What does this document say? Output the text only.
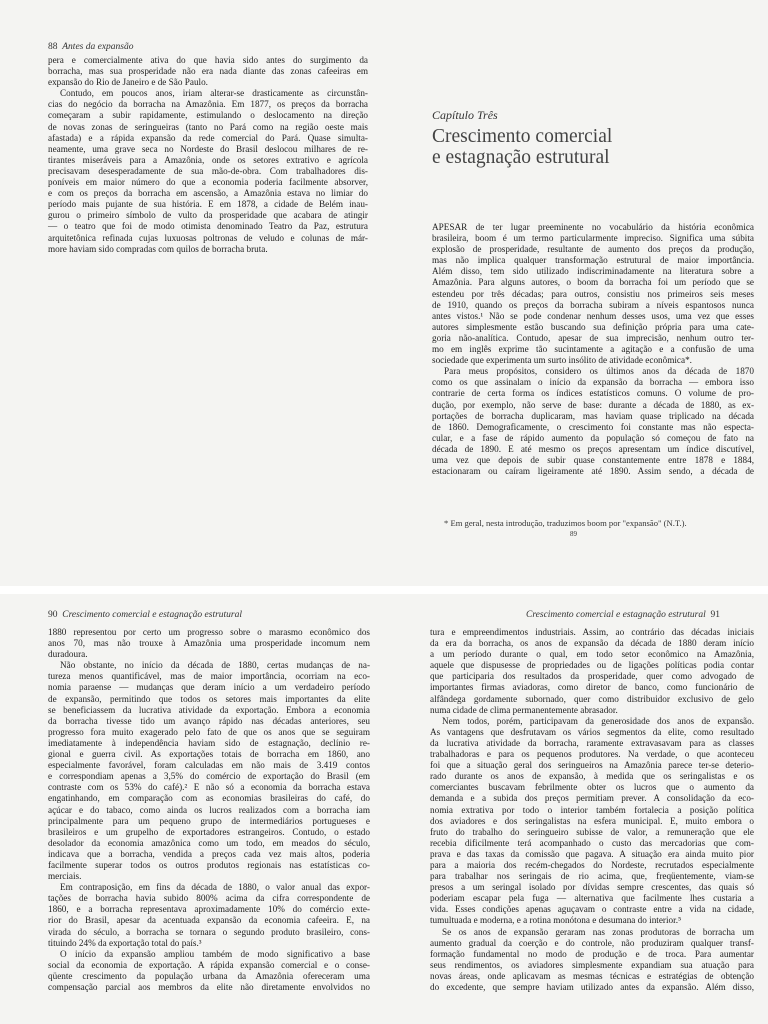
88 Antes da expansão
pera e comercialmente ativa do que havia sido antes do surgimento da
borracha, mas sua prosperidade não era nada diante das zonas cafeeiras em
expansão do Rio de Janeiro e de São Paulo.
Contudo, em poucos anos, iriam alterar-se drasticamente as circunstân-
cias do negócio da borracha na Amazônia. Em 1877, os preços da borracha
começaram a subir rapidamente, estimulando o deslocamento na direção
de novas zonas de seringueiras (tanto no Pará como na região oeste mais
afastada) e a rápida expansão da rede comercial do Pará. Quase simulta-
neamente, uma grave seca no Nordeste do Brasil deslocou milhares de re-
tirantes miseráveis para a Amazônia, onde os setores extrativo e agrícola
precisavam desesperadamente de sua mão-de-obra. Com trabalhadores dis-
poníveis em maior número do que a economia poderia facilmente absorver,
e com os preços da borracha em ascensão, a Amazônia estava no limiar do
período mais pujante de sua história. E em 1878, a cidade de Belém inau-
gurou o primeiro símbolo de vulto da prosperidade que acabara de atingir
— o teatro que foi de modo otimista denominado Teatro da Paz, estrutura
arquitetônica refinada cujas luxuosas poltronas de veludo e colunas de már-
more haviam sido compradas com quilos de borracha bruta.
Capítulo Três
Crescimento comercial
e estagnação estrutural
APESAR de ter lugar preeminente no vocabulário da história econômica
brasileira, boom é um termo particularmente impreciso. Significa uma súbita
explosão de prosperidade, resultante de aumento dos preços da produção,
mas não implica qualquer transformação estrutural de maior importância.
Além disso, tem sido utilizado indiscriminadamente na literatura sobre a
Amazônia. Para alguns autores, o boom da borracha foi um período que se
estendeu por três décadas; para outros, consistiu nos primeiros seis meses
de 1910, quando os preços da borracha subiram a níveis espantosos nunca
antes vistos.¹ Não se pode condenar nenhum desses usos, uma vez que esses
autores simplesmente estão buscando sua definição própria para uma cate-
goria não-analítica. Contudo, apesar de sua imprecisão, nenhum outro ter-
mo em inglês exprime tão sucintamente a agitação e a confusão de uma
sociedade que experimenta um surto insólito de atividade econômica*.
Para meus propósitos, considero os últimos anos da década de 1870
como os que assinalam o início da expansão da borracha — embora isso
contrarie de certa forma os índices estatísticos comuns. O volume de pro-
dução, por exemplo, não serve de base: durante a década de 1880, as ex-
portações de borracha duplicaram, mas haviam quase triplicado na década
de 1860. Demograficamente, o crescimento foi constante mas não especta-
cular, e a fase de rápido aumento da população só começou de fato na
década de 1890. E até mesmo os preços apresentam um índice discutível,
uma vez que depois de subir quase constantemente entre 1878 e 1884,
estacionaram ou caíram ligeiramente até 1890. Assim sendo, a década de
* Em geral, nesta introdução, traduzimos boom por "expansão" (N.T.).
89
90 Crescimento comercial e estagnação estrutural
1880 representou por certo um progresso sobre o marasmo econômico dos
anos 70, mas não trouxe à Amazônia uma prosperidade incomum nem
duradoura.
Não obstante, no início da década de 1880, certas mudanças de na-
tureza menos quantificável, mas de maior importância, ocorriam na eco-
nomia paraense — mudanças que deram início a um verdadeiro período
de expansão, permitindo que todos os setores mais importantes da elite
se beneficiassem da lucrativa atividade da exportação. Embora a economia
da borracha tivesse tido um avanço rápido nas décadas anteriores, seu
progresso fora muito exagerado pelo fato de que os anos que se seguiram
imediatamente à independência haviam sido de estagnação, declínio re-
gional e guerra civil. As exportações totais de borracha em 1860, ano
especialmente favorável, foram calculadas em não mais de 3.419 contos
e correspondiam apenas a 3,5% do comércio de exportação do Brasil (em
contraste com os 53% do café).² E não só a economia da borracha estava
engatinhando, em comparação com as economias brasileiras do café, do
açúcar e do tabaco, como ainda os lucros realizados com a borracha iam
principalmente para um pequeno grupo de intermediários portugueses e
brasileiros e um grupelho de exportadores estrangeiros. Contudo, o estado
desolador da economia amazônica como um todo, em meados do século,
indicava que a borracha, vendida a preços cada vez mais altos, poderia
facilmente superar todos os outros produtos regionais nas estatísticas co-
merciais.
Em contraposição, em fins da década de 1880, o valor anual das expor-
tações de borracha havia subido 800% acima da cifra correspondente de
1860, e a borracha representava aproximadamente 10% do comércio exte-
rior do Brasil, apesar da acentuada expansão da economia cafeeira. E, na
virada do século, a borracha se tornara o segundo produto brasileiro, cons-
tituindo 24% da exportação total do país.³
O início da expansão ampliou também de modo significativo a base
social da economia de exportação. A rápida expansão comercial e o conse-
qüente crescimento da população urbana da Amazônia ofereceram uma
compensação parcial aos membros da elite não diretamente envolvidos no
Crescimento comercial e estagnação estrutural 91
tura e empreendimentos industriais. Assim, ao contrário das décadas iniciais
da era da borracha, os anos de expansão da década de 1880 deram início
a um período durante o qual, em todo setor econômico na Amazônia,
aquele que dispusesse de propriedades ou de ligações políticas podia contar
que participaria dos resultados da prosperidade, quer como advogado de
importantes firmas aviadoras, como diretor de banco, como funcionário de
alfândega gordamente subornado, quer como distribuidor exclusivo de gelo
numa cidade de clima permanentemente abrasador.
Nem todos, porém, participavam da generosidade dos anos de expansão.
As vantagens que desfrutavam os vários segmentos da elite, como resultado
da lucrativa atividade da borracha, raramente extravasavam para as classes
trabalhadoras e para os pequenos produtores. Na verdade, o que aconteceu
foi que a situação geral dos seringueiros na Amazônia parece ter-se deterio-
rado durante os anos de expansão, à medida que os seringalistas e os
comerciantes buscavam febrilmente obter os lucros que o aumento da
demanda e a subida dos preços permitiam prever. A consolidação da eco-
nomia extrativa por todo o interior também fortalecia a posição política
dos aviadores e dos seringalistas na esfera municipal. E, muito embora o
fruto do trabalho do seringueiro subisse de valor, a remuneração que ele
recebia dificilmente terá acompanhado o custo das mercadorias que com-
prava e das taxas da comissão que pagava. A situação era ainda muito pior
para a maioria dos recém-chegados do Nordeste, recrutados especialmente
para trabalhar nos seringais de rio acima, que, freqüentemente, viam-se
presos a um seringal isolado por dívidas sempre crescentes, das quais só
poderiam escapar pela fuga — alternativa que facilmente lhes custaria a
vida. Esses condições apenas aguçavam o contraste entre a vida na cidade,
tumultuada e moderna, e a rotina monótona e desumana do interior.⁵
Se os anos de expansão geraram nas zonas produtoras de borracha um
aumento gradual da coerção e do controle, não produziram qualquer transf-
formação fundamental no modo de produção e de troca. Para aumentar
seus rendimentos, os aviadores simplesmente expandiam sua atuação para
novas áreas, onde aplicavam as mesmas técnicas e estratégias de obtenção
do excedente, que sempre haviam utilizado antes da expansão. Além disso,
